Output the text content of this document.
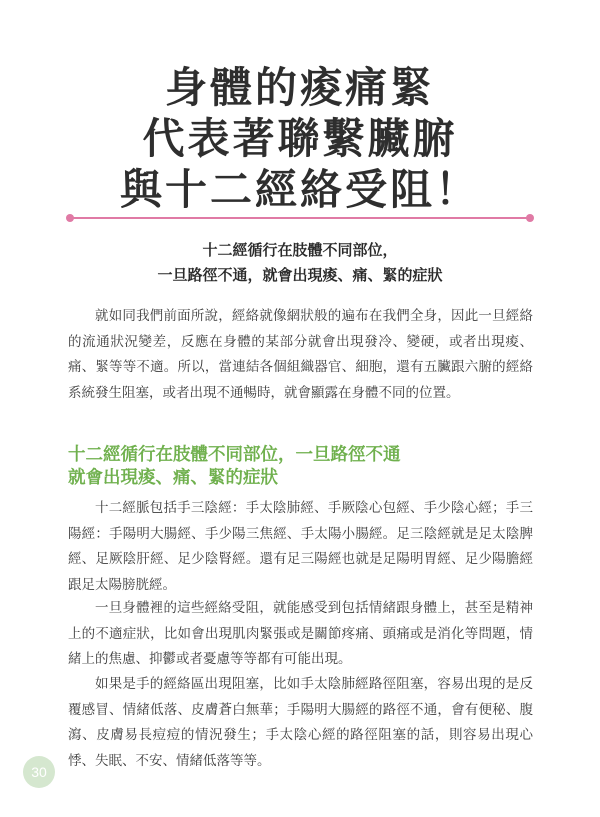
身體的痠痛緊
代表著聯繫臟腑
與十二經絡受阻！
十二經循行在肢體不同部位，
一旦路徑不通，就會出現痠、痛、緊的症狀

就如同我們前面所說，經絡就像網狀般的遍布在我們全身，因此一旦經絡的流通狀況變差，反應在身體的某部分就會出現發冷、變硬，或者出現痠、痛、緊等等不適。所以，當連結各個組織器官、細胞，還有五臟跟六腑的經絡系統發生阻塞，或者出現不通暢時，就會顯露在身體不同的位置。

十二經循行在肢體不同部位，一旦路徑不通
就會出現痠、痛、緊的症狀

十二經脈包括手三陰經：手太陰肺經、手厥陰心包經、手少陰心經；手三陽經：手陽明大腸經、手少陽三焦經、手太陽小腸經。足三陰經就是足太陰脾經、足厥陰肝經、足少陰腎經。還有足三陽經也就是足陽明胃經、足少陽膽經跟足太陽膀胱經。

一旦身體裡的這些經絡受阻，就能感受到包括情緒跟身體上，甚至是精神上的不適症狀，比如會出現肌肉緊張或是關節疼痛、頭痛或是消化等問題，情緒上的焦慮、抑鬱或者憂慮等等都有可能出現。

如果是手的經絡區出現阻塞，比如手太陰肺經路徑阻塞，容易出現的是反覆感冒、情緒低落、皮膚蒼白無華；手陽明大腸經的路徑不通，會有便秘、腹瀉、皮膚易長痘痘的情況發生；手太陰心經的路徑阻塞的話，則容易出現心悸、失眠、不安、情緒低落等等。

30
